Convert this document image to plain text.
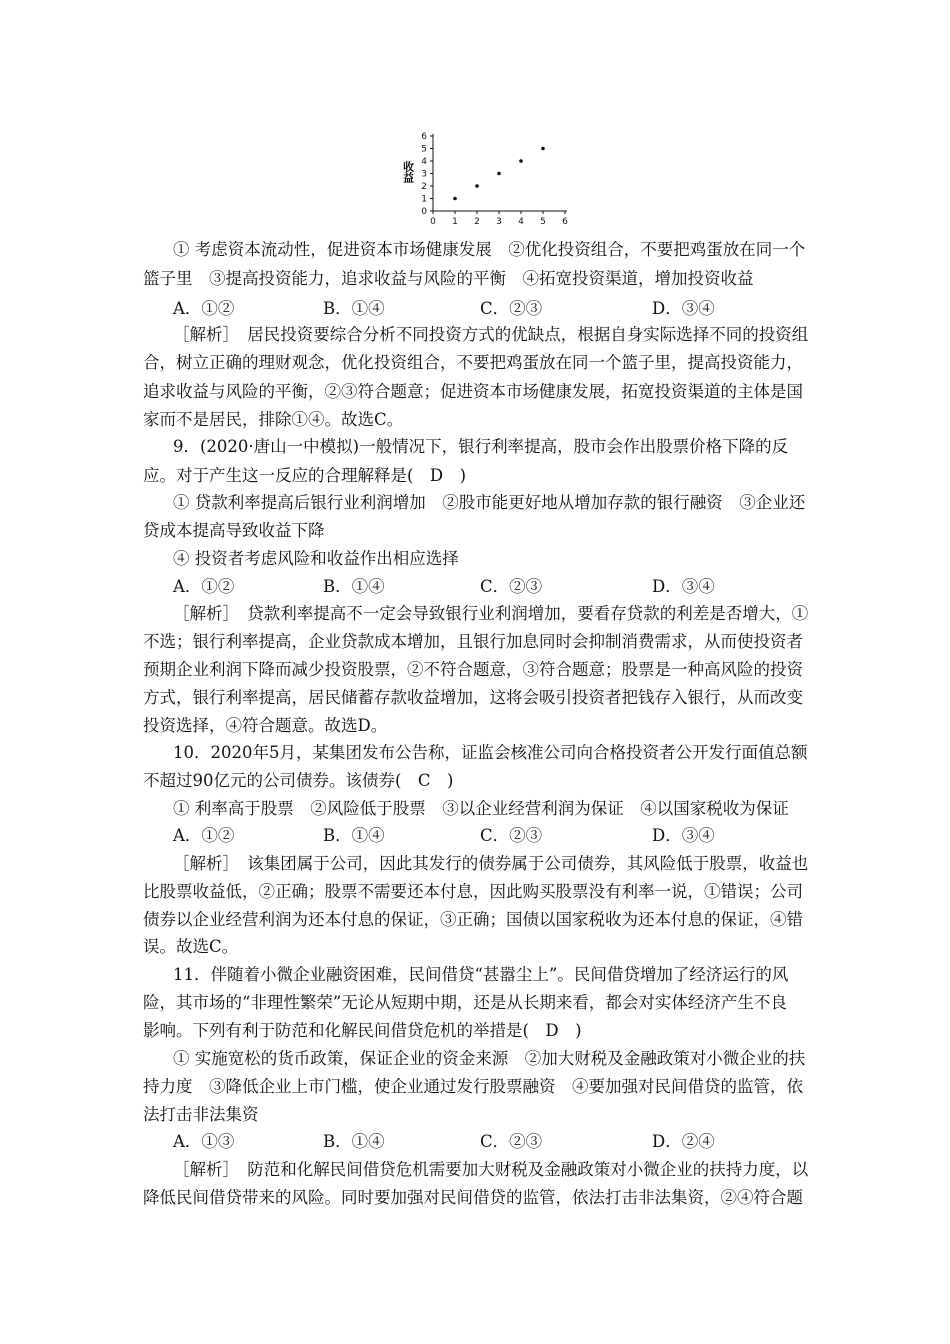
0 1 2 3 4 5 6
0
1
2
3
4
5
6
收益
① 考虑资本流动性，促进资本市场健康发展　②优化投资组合，不要把鸡蛋放在同一个
篮子里　③提高投资能力，追求收益与风险的平衡　④拓宽投资渠道，增加投资收益
A．①②	B．①④	C．②③	D．③④
［解析］　居民投资要综合分析不同投资方式的优缺点，根据自身实际选择不同的投资组
合，树立正确的理财观念，优化投资组合，不要把鸡蛋放在同一个篮子里，提高投资能力，
追求收益与风险的平衡，②③符合题意；促进资本市场健康发展，拓宽投资渠道的主体是国
家而不是居民，排除①④。故选C。
9．(2020·唐山一中模拟)一般情况下，银行利率提高，股市会作出股票价格下降的反
应。对于产生这一反应的合理解释是(　D　)
① 贷款利率提高后银行业利润增加　②股市能更好地从增加存款的银行融资　③企业还
贷成本提高导致收益下降
④ 投资者考虑风险和收益作出相应选择
A．①②	B．①④	C．②③	D．③④
［解析］　贷款利率提高不一定会导致银行业利润增加，要看存贷款的利差是否增大，①
不选；银行利率提高，企业贷款成本增加，且银行加息同时会抑制消费需求，从而使投资者
预期企业利润下降而减少投资股票，②不符合题意，③符合题意；股票是一种高风险的投资
方式，银行利率提高，居民储蓄存款收益增加，这将会吸引投资者把钱存入银行，从而改变
投资选择，④符合题意。故选D。
10．2020年5月，某集团发布公告称，证监会核准公司向合格投资者公开发行面值总额
不超过90亿元的公司债券。该债券(　C　)
① 利率高于股票　②风险低于股票　③以企业经营利润为保证　④以国家税收为保证
A．①②	B．①④	C．②③	D．③④
［解析］　该集团属于公司，因此其发行的债券属于公司债券，其风险低于股票，收益也
比股票收益低，②正确；股票不需要还本付息，因此购买股票没有利率一说，①错误；公司
债券以企业经营利润为还本付息的保证，③正确；国债以国家税收为还本付息的保证，④错
误。故选C。
11．伴随着小微企业融资困难，民间借贷“甚嚣尘上”。民间借贷增加了经济运行的风
险，其市场的“非理性繁荣”无论从短期中期，还是从长期来看，都会对实体经济产生不良
影响。下列有利于防范和化解民间借贷危机的举措是(　D　)
① 实施宽松的货币政策，保证企业的资金来源　②加大财税及金融政策对小微企业的扶
持力度　③降低企业上市门槛，使企业通过发行股票融资　④要加强对民间借贷的监管，依
法打击非法集资
A．①③	B．①④	C．②③	D．②④
［解析］　防范和化解民间借贷危机需要加大财税及金融政策对小微企业的扶持力度，以
降低民间借贷带来的风险。同时要加强对民间借贷的监管，依法打击非法集资，②④符合题
